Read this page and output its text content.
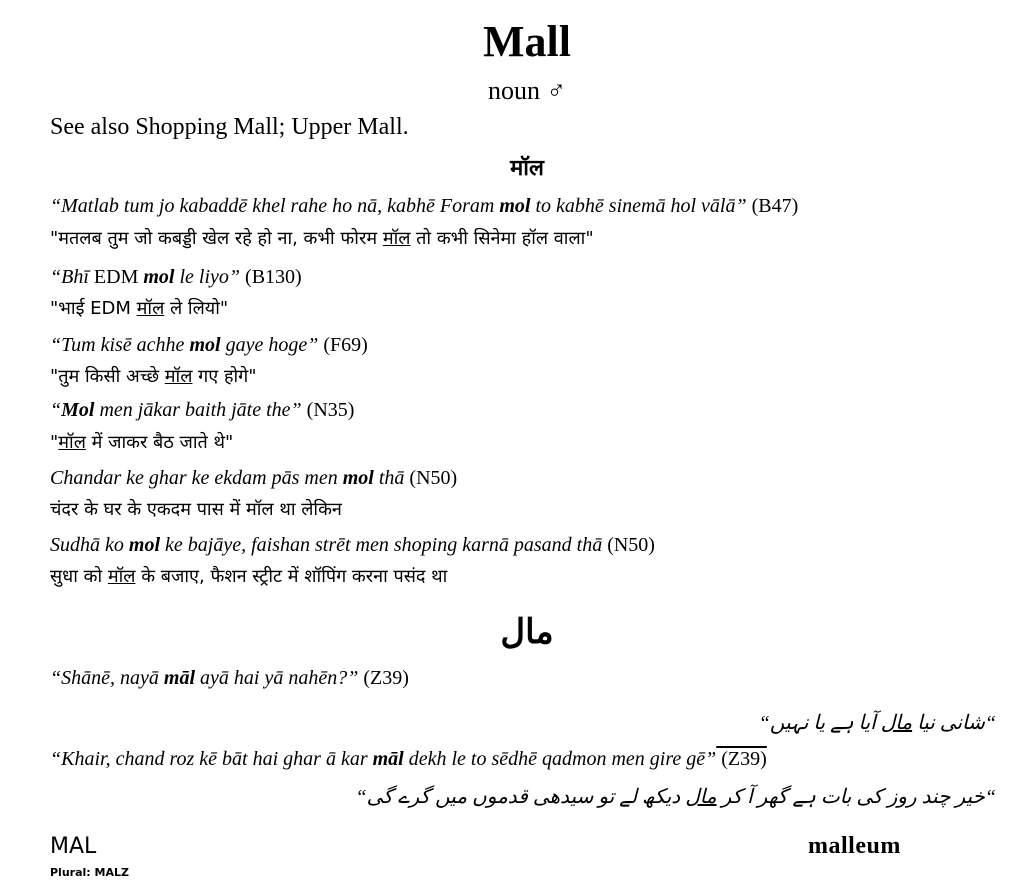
Mall
noun ♂
See also Shopping Mall; Upper Mall.
मॉल
“Matlab tum jo kabaddē khel rahe ho nā, kabhē Foram mol to kabhē sinemā hol vālā” (B47)
"मतलब तुम जो कबड्डी खेल रहे हो ना, कभी फोरम मॉल तो कभी सिनेमा हॉल वाला"
“Bhī EDM mol le liyo” (B130)
"भाई EDM मॉल ले लियो"
“Tum kisē achhe mol gaye hoge” (F69)
"तुम किसी अच्छे मॉल गए होगे"
“Mol men jākar baith jāte the” (N35)
"मॉल में जाकर बैठ जाते थे"
Chandar ke ghar ke ekdam pās men mol thā (N50)
चंदर के घर के एकदम पास में मॉल था लेकिन
Sudhā ko mol ke bajāye, faishan strēt men shoping karnā pasand thā (N50)
सुधा को मॉल के बजाए, फैशन स्ट्रीट में शॉपिंग करना पसंद था
مال
“Shānē, nayā māl ayā hai yā nahēn?” (Z39)
“شانی نیا مال آیا ہے یا نہیں“
“Khair, chand roz kē bāt hai ghar ā kar māl dekh le to sēdhē qadmon men gire gē” (Z39)
“خیر چند روز کی بات ہے گھر آ کر مال دیکھ لے تو سیدھی قدموں میں گرے گی“
MAL
Plural: MALZ
malleum
